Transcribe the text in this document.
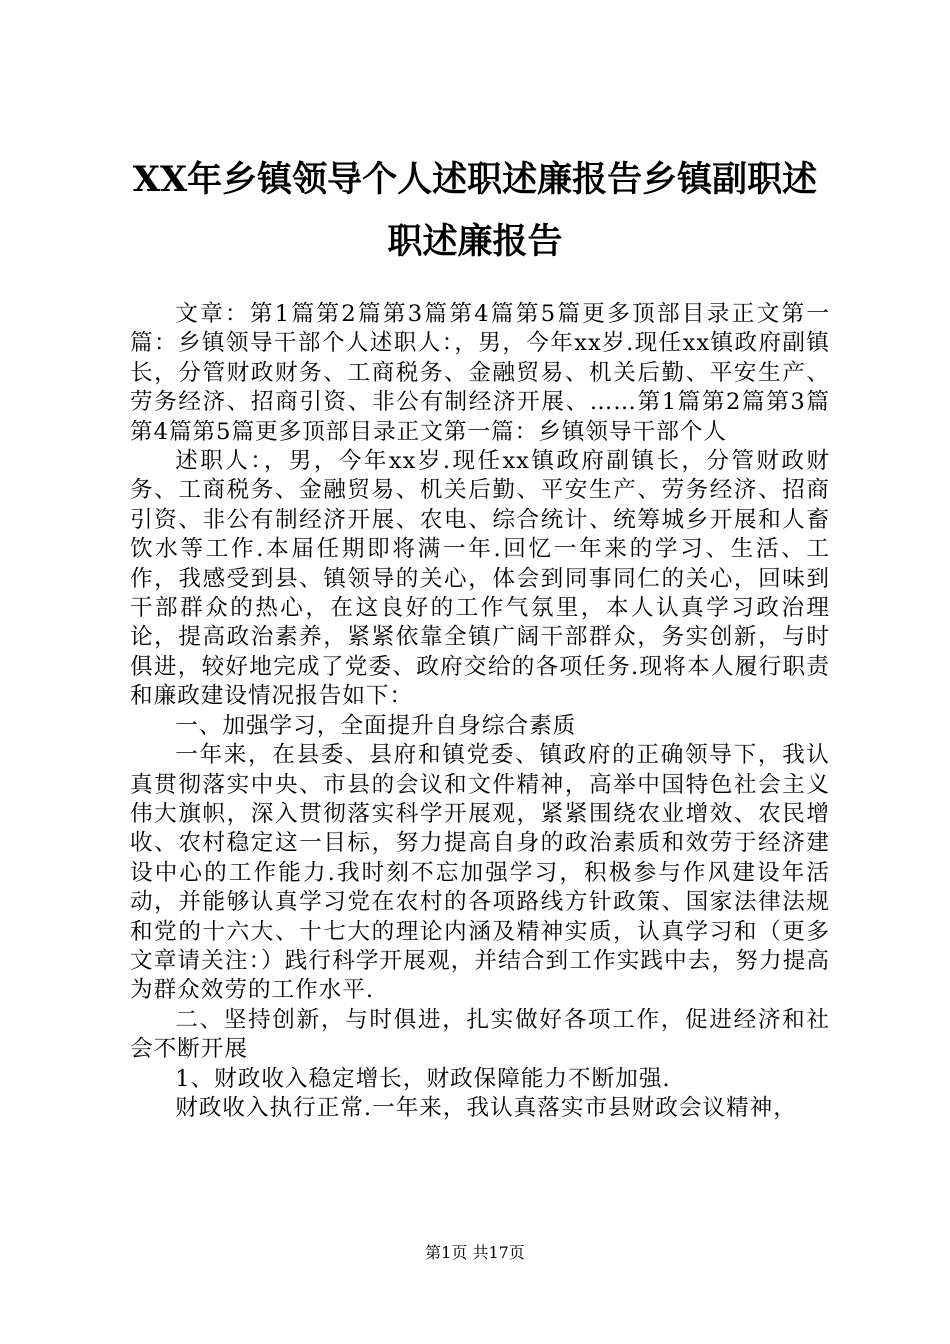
XX年乡镇领导个人述职述廉报告乡镇副职述
职述廉报告

文章：第1篇第2篇第3篇第4篇第5篇更多顶部目录正文第一篇：乡镇领导干部个人述职人：，男，今年xx岁.现任xx镇政府副镇长，分管财政财务、工商税务、金融贸易、机关后勤、平安生产、劳务经济、招商引资、非公有制经济开展、……第1篇第2篇第3篇第4篇第5篇更多顶部目录正文第一篇：乡镇领导干部个人

述职人：，男，今年xx岁.现任xx镇政府副镇长，分管财政财务、工商税务、金融贸易、机关后勤、平安生产、劳务经济、招商引资、非公有制经济开展、农电、综合统计、统筹城乡开展和人畜饮水等工作.本届任期即将满一年.回忆一年来的学习、生活、工作，我感受到县、镇领导的关心，体会到同事同仁的关心，回味到干部群众的热心，在这良好的工作气氛里，本人认真学习政治理论，提高政治素养，紧紧依靠全镇广阔干部群众，务实创新，与时俱进，较好地完成了党委、政府交给的各项任务.现将本人履行职责和廉政建设情况报告如下：

一、加强学习，全面提升自身综合素质

一年来，在县委、县府和镇党委、镇政府的正确领导下，我认真贯彻落实中央、市县的会议和文件精神，高举中国特色社会主义伟大旗帜，深入贯彻落实科学开展观，紧紧围绕农业增效、农民增收、农村稳定这一目标，努力提高自身的政治素质和效劳于经济建设中心的工作能力.我时刻不忘加强学习，积极参与作风建设年活动，并能够认真学习党在农村的各项路线方针政策、国家法律法规和党的十六大、十七大的理论内涵及精神实质，认真学习和（更多文章请关注：）践行科学开展观，并结合到工作实践中去，努力提高为群众效劳的工作水平.

二、坚持创新，与时俱进，扎实做好各项工作，促进经济和社会不断开展

1、财政收入稳定增长，财政保障能力不断加强.

财政收入执行正常.一年来，我认真落实市县财政会议精神，

第1页 共17页
